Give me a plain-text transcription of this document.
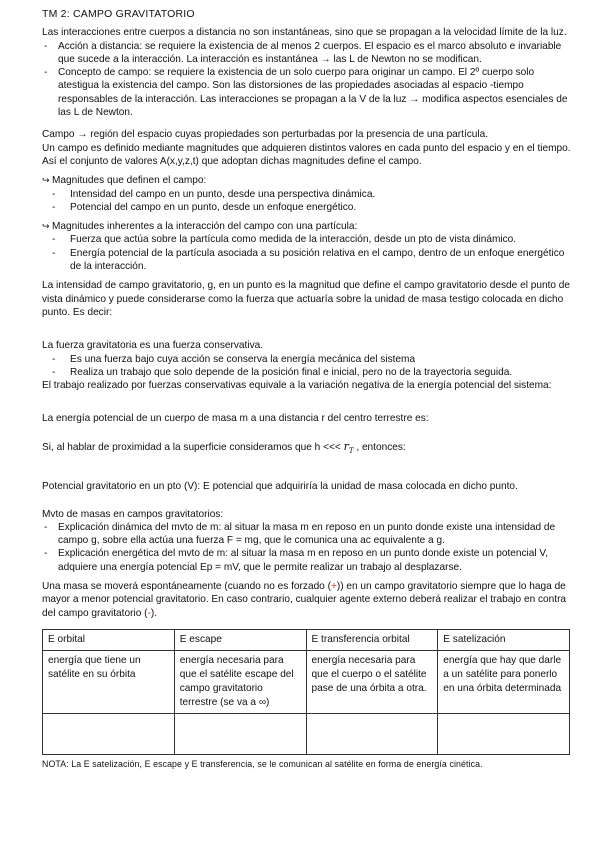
TM 2: CAMPO GRAVITATORIO

Las interacciones entre cuerpos a distancia no son instantáneas, sino que se propagan a la velocidad límite de la luz.

- Acción a distancia: se requiere la existencia de al menos 2 cuerpos. El espacio es el marco absoluto e invariable que sucede a la interacción. La interacción es instantánea → las L de Newton no se modifican.
- Concepto de campo: se requiere la existencia de un solo cuerpo para originar un campo. El 2º cuerpo solo atestigua la existencia del campo. Son las distorsiones de las propiedades asociadas al espacio -tiempo responsables de la interacción. Las interacciones se propagan a la V de la luz → modifica aspectos esenciales de las L de Newton.

Campo → región del espacio cuyas propiedades son perturbadas por la presencia de una partícula.

Un campo es definido mediante magnitudes que adquieren distintos valores en cada punto del espacio y en el tiempo. Así el conjunto de valores A(x,y,z,t) que adoptan dichas magnitudes define el campo.

↪ Magnitudes que definen el campo:

- Intensidad del campo en un punto, desde una perspectiva dinámica.
- Potencial del campo en un punto, desde un enfoque energético.

↪ Magnitudes inherentes a la interacción del campo con una partícula:

- Fuerza que actúa sobre la partícula como medida de la interacción, desde un pto de vista dinámico.
- Energía potencial de la partícula asociada a su posición relativa en el campo, dentro de un enfoque energético de la interacción.

La intensidad de campo gravitatorio, g, en un punto es la magnitud que define el campo gravitatorio desde el punto de vista dinámico y puede considerarse como la fuerza que actuaría sobre la unidad de masa testigo colocada en dicho punto. Es decir:

La fuerza gravitatoria es una fuerza conservativa.

- Es una fuerza bajo cuya acción se conserva la energía mecánica del sistema
- Realiza un trabajo que solo depende de la posición final e inicial, pero no de la trayectoria seguida.

El trabajo realizado por fuerzas conservativas equivale a la variación negativa de la energía potencial del sistema:

La energía potencial de un cuerpo de masa m a una distancia r del centro terrestre es:

Si, al hablar de proximidad a la superficie consideramos que h <<< $r_T$ , entonces:

Potencial gravitatorio en un pto (V): E potencial que adquiriría la unidad de masa colocada en dicho punto.

Mvto de masas en campos gravitatorios:

- Explicación dinámica del mvto de m: al situar la masa m en reposo en un punto donde existe una intensidad de campo g, sobre ella actúa una fuerza F = mg, que le comunica una ac equivalente a g.
- Explicación energética del mvto de m: al situar la masa m en reposo en un punto donde existe un potencial V, adquiere una energía potencial Ep = mV, que le permite realizar un trabajo al desplazarse.

Una masa se moverá espontáneamente (cuando no es forzado (+)) en un campo gravitatorio siempre que lo haga de mayor a menor potencial gravitatorio. En caso contrario, cualquier agente externo deberá realizar el trabajo en contra del campo gravitatorio (-).

E orbital	E escape	E transferencia orbital	E satelización
energía que tiene un satélite en su órbita	energía necesaria para que el satélite escape del campo gravitatorio terrestre (se va a ∞)	energía necesaria para que el cuerpo o el satélite pase de una órbita a otra.	energía que hay que darle a un satélite para ponerlo en una órbita determinada

NOTA: La E satelización, E escape y E transferencia, se le comunican al satélite en forma de energía cinética.
